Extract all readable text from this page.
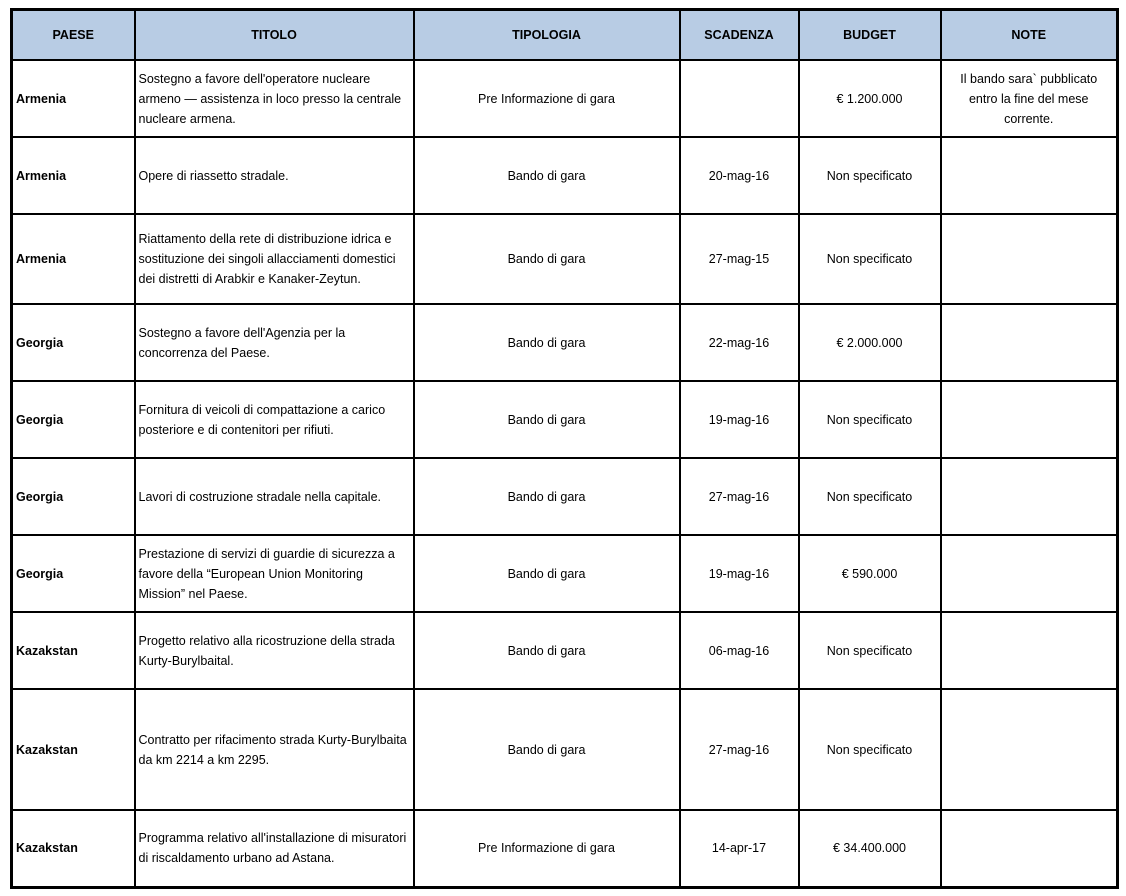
PAESE	TITOLO	TIPOLOGIA	SCADENZA	BUDGET	NOTE
Armenia	Sostegno a favore dell'operatore nucleare armeno — assistenza in loco presso la centrale nucleare armena.	Pre Informazione di gara		€ 1.200.000	Il bando sara` pubblicato entro la fine del mese corrente.
Armenia	Opere di riassetto stradale.	Bando di gara	20-mag-16	Non specificato	
Armenia	Riattamento della rete di distribuzione idrica e sostituzione dei singoli allacciamenti domestici dei distretti di Arabkir e Kanaker-Zeytun.	Bando di gara	27-mag-15	Non specificato	
Georgia	Sostegno a favore dell'Agenzia per la concorrenza del Paese.	Bando di gara	22-mag-16	€ 2.000.000	
Georgia	Fornitura di veicoli di compattazione a carico posteriore e di contenitori per rifiuti.	Bando di gara	19-mag-16	Non specificato	
Georgia	Lavori di costruzione stradale nella capitale.	Bando di gara	27-mag-16	Non specificato	
Georgia	Prestazione di servizi di guardie di sicurezza a favore della “European Union Monitoring Mission” nel Paese.	Bando di gara	19-mag-16	€ 590.000	
Kazakstan	Progetto relativo alla ricostruzione della strada Kurty-Burylbaital.	Bando di gara	06-mag-16	Non specificato	
Kazakstan	Contratto per rifacimento strada Kurty-Burylbaita da km 2214 a km 2295.	Bando di gara	27-mag-16	Non specificato	
Kazakstan	Programma relativo all'installazione di misuratori di riscaldamento urbano ad Astana.	Pre Informazione di gara	14-apr-17	€ 34.400.000	
